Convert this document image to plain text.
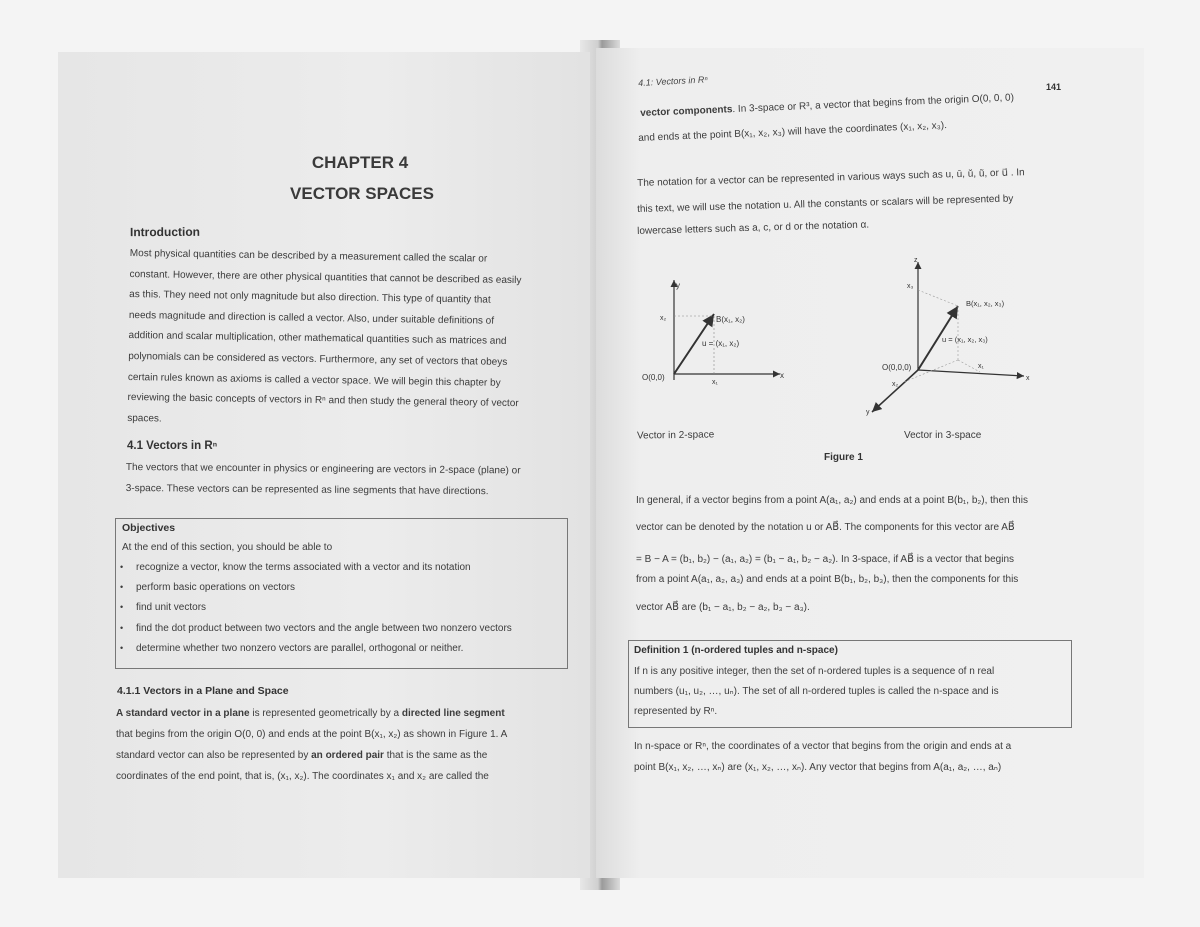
CHAPTER 4
VECTOR SPACES
Introduction

Most physical quantities can be described by a measurement called the scalar or

constant. However, there are other physical quantities that cannot be described as easily

as this. They need not only magnitude but also direction. This type of quantity that

needs magnitude and direction is called a vector. Also, under suitable definitions of

addition and scalar multiplication, other mathematical quantities such as matrices and

polynomials can be considered as vectors. Furthermore, any set of vectors that obeys

certain rules known as axioms is called a vector space. We will begin this chapter by

reviewing the basic concepts of vectors in Rⁿ and then study the general theory of vector

spaces.

4.1 Vectors in Rⁿ

The vectors that we encounter in physics or engineering are vectors in 2-space (plane) or

3-space. These vectors can be represented as line segments that have directions.

Objectives
At the end of this section, you should be able to
• recognize a vector, know the terms associated with a vector and its notation
• perform basic operations on vectors
• find unit vectors
• find the dot product between two vectors and the angle between two nonzero vectors
• determine whether two nonzero vectors are parallel, orthogonal or neither.
4.1.1 Vectors in a Plane and Space
A standard vector in a plane is represented geometrically by a directed line segment
that begins from the origin O(0, 0) and ends at the point B(x₁, x₂) as shown in Figure 1. A
standard vector can also be represented by an ordered pair that is the same as the
coordinates of the end point, that is, (x₁, x₂). The coordinates x₁ and x₂ are called the
4.1: Vectors in Rⁿ	141
vector components. In 3-space or R³, a vector that begins from the origin O(0, 0, 0)
and ends at the point B(x₁, x₂, x₃) will have the coordinates (x₁, x₂, x₃).
The notation for a vector can be represented in various ways such as u, ū, ŭ, ũ, or u⃗ . In
this text, we will use the notation u. All the constants or scalars will be represented by
lowercase letters such as a, c, or d or the notation α.
y
x
x₂
x₁
O(0,0)
B(x₁, x₂)
u = (x₁, x₂)
z
x
y
x₃
x₂
x₁
O(0,0,0)
B(x₁, x₂, x₃)
u = (x₁, x₂, x₃)
Vector in 2-space	Vector in 3-space
Figure 1
In general, if a vector begins from a point A(a₁, a₂) and ends at a point B(b₁, b₂), then this
vector can be denoted by the notation u or AB⃗. The components for this vector are AB⃗
= B − A = (b₁, b₂) − (a₁, a₂) = (b₁ − a₁, b₂ − a₂). In 3-space, if AB⃗ is a vector that begins
from a point A(a₁, a₂, a₃) and ends at a point B(b₁, b₂, b₃), then the components for this
vector AB⃗ are (b₁ − a₁, b₂ − a₂, b₃ − a₃).
Definition 1 (n-ordered tuples and n-space)
If n is any positive integer, then the set of n-ordered tuples is a sequence of n real
numbers (u₁, u₂, …, uₙ). The set of all n-ordered tuples is called the n-space and is
represented by Rⁿ.
In n-space or Rⁿ, the coordinates of a vector that begins from the origin and ends at a
point B(x₁, x₂, …, xₙ) are (x₁, x₂, …, xₙ). Any vector that begins from A(a₁, a₂, …, aₙ)
